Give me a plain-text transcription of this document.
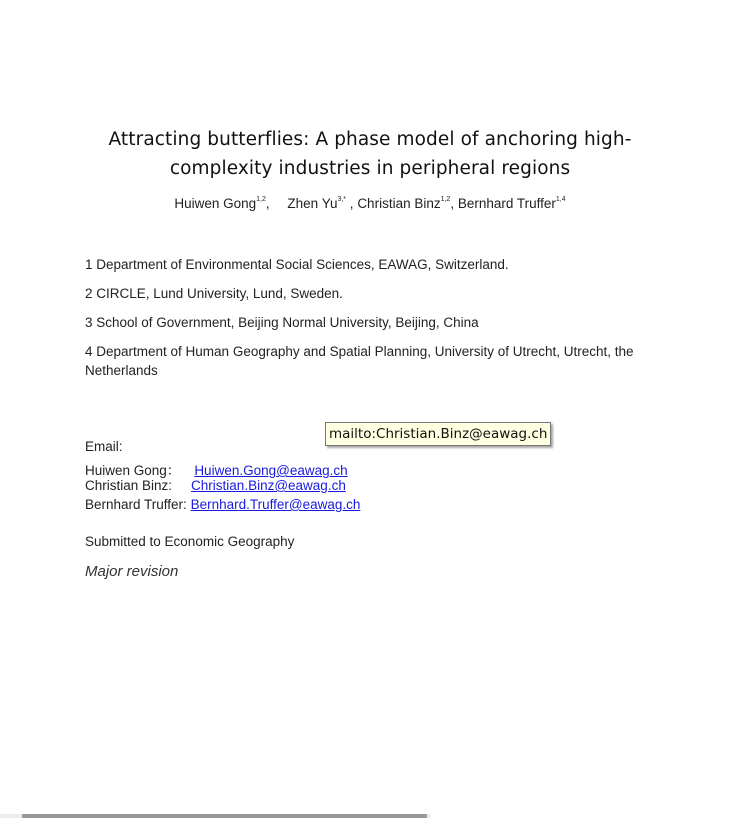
Attracting butterflies: A phase model of anchoring high-
complexity industries in peripheral regions
Huiwen Gong$^{1,2}$, Zhen $Yu^{3,*}$ , Christian Binz$^{1,2}$, Bernhard Truffer$^{1,4}$
1 Department of Environmental Social Sciences, EAWAG, Switzerland.
2 CIRCLE, Lund University, Lund, Sweden.
3 School of Government, Beijing Normal University, Beijing, China
4 Department of Human Geography and Spatial Planning, University of Utrecht, Utrecht, the Netherlands
Email:
Huiwen Gong： Huiwen.Gong@eawag.ch
Christian Binz: Christian.Binz@eawag.ch
Bernhard Truffer: Bernhard.Truffer@eawag.ch
Submitted to Economic Geography
Major revision
mailto:Christian.Binz@eawag.ch
